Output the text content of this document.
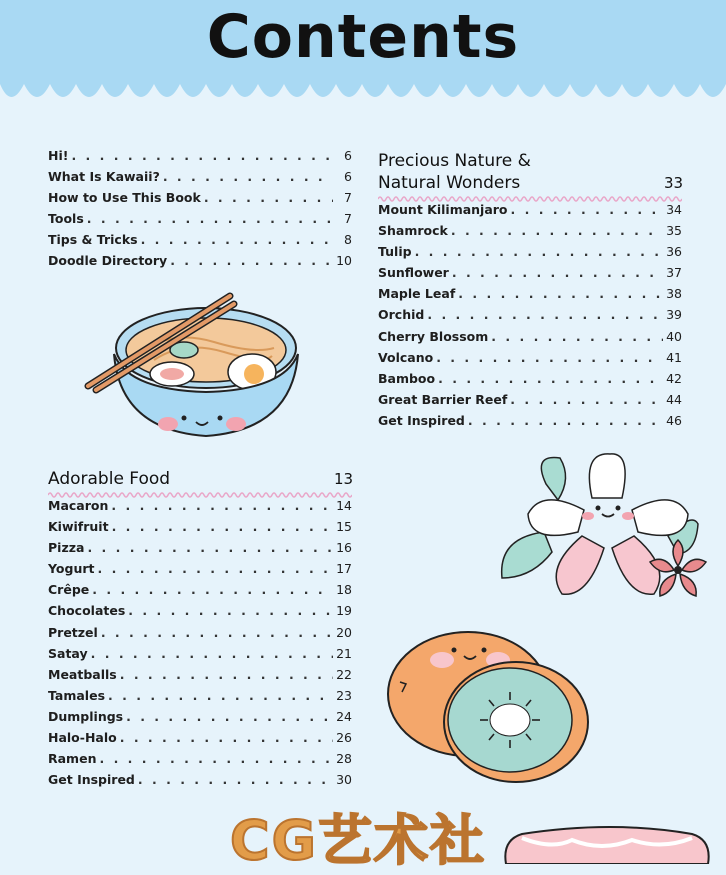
Contents
Hi! . . .	6
What Is Kawaii? . . .	6
How to Use This Book . . .	7
Tools . . .	7
Tips & Tricks . . .	8
Doodle Directory . . .	10
Adorable Food	13
Macaron . . .	14
Kiwifruit . . .	15
Pizza . . .	16
Yogurt . . .	17
Crêpe . . .	18
Chocolates . . .	19
Pretzel . . .	20
Satay . . .	21
Meatballs . . .	22
Tamales . . .	23
Dumplings . . .	24
Halo-Halo . . .	26
Ramen . . .	28
Get Inspired . . .	30
Precious Nature &
Natural Wonders	33
Mount Kilimanjaro . . .	34
Shamrock . . .	35
Tulip . . .	36
Sunflower . . .	37
Maple Leaf . . .	38
Orchid . . .	39
Cherry Blossom . . .	40
Volcano . . .	41
Bamboo . . .	42
Great Barrier Reef . . .	44
Get Inspired . . .	46
CG艺术社
